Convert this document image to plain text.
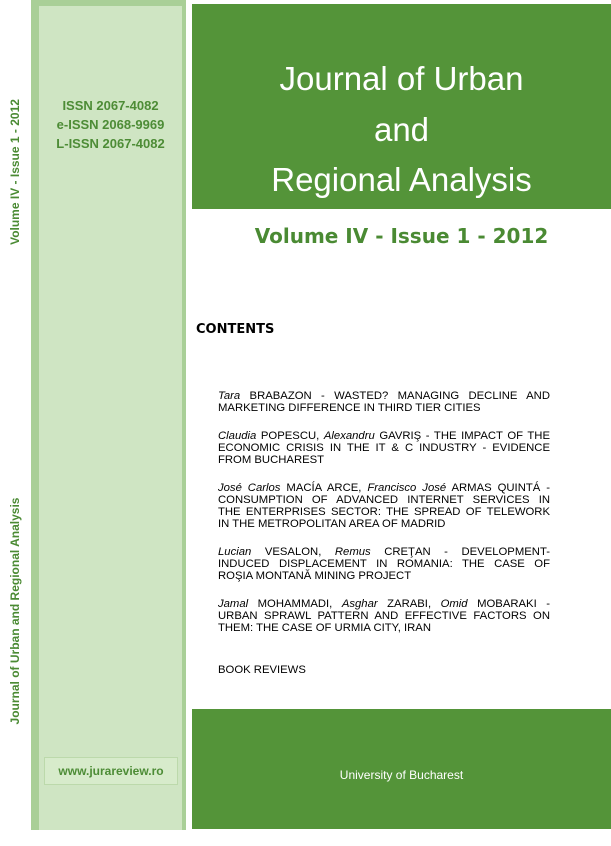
Volume IV - Issue 1 - 2012
Journal of Urban and Regional Analysis
ISSN 2067-4082
e-ISSN 2068-9969
L-ISSN 2067-4082
www.jurareview.ro
Journal of Urban
and
Regional Analysis
Volume IV - Issue 1 - 2012
CONTENTS
Tara BRABAZON - WASTED? MANAGING DECLINE AND
MARKETING DIFFERENCE IN THIRD TIER CITIES
Claudia POPESCU, Alexandru GAVRIŞ - THE IMPACT OF THE
ECONOMIC CRISIS IN THE IT & C INDUSTRY - EVIDENCE
FROM BUCHAREST
José Carlos MACÍA ARCE, Francisco José ARMAS QUINTÁ -
CONSUMPTION OF ADVANCED INTERNET SERVICES IN
THE ENTERPRISES SECTOR: THE SPREAD OF TELEWORK
IN THE METROPOLITAN AREA OF MADRID
Lucian VESALON, Remus CREŢAN - DEVELOPMENT-
INDUCED DISPLACEMENT IN ROMANIA: THE CASE OF
ROŞIA MONTANĂ MINING PROJECT
Jamal MOHAMMADI, Asghar ZARABI, Omid MOBARAKI -
URBAN SPRAWL PATTERN AND EFFECTIVE FACTORS ON
THEM: THE CASE OF URMIA CITY, IRAN
BOOK REVIEWS
University of Bucharest
